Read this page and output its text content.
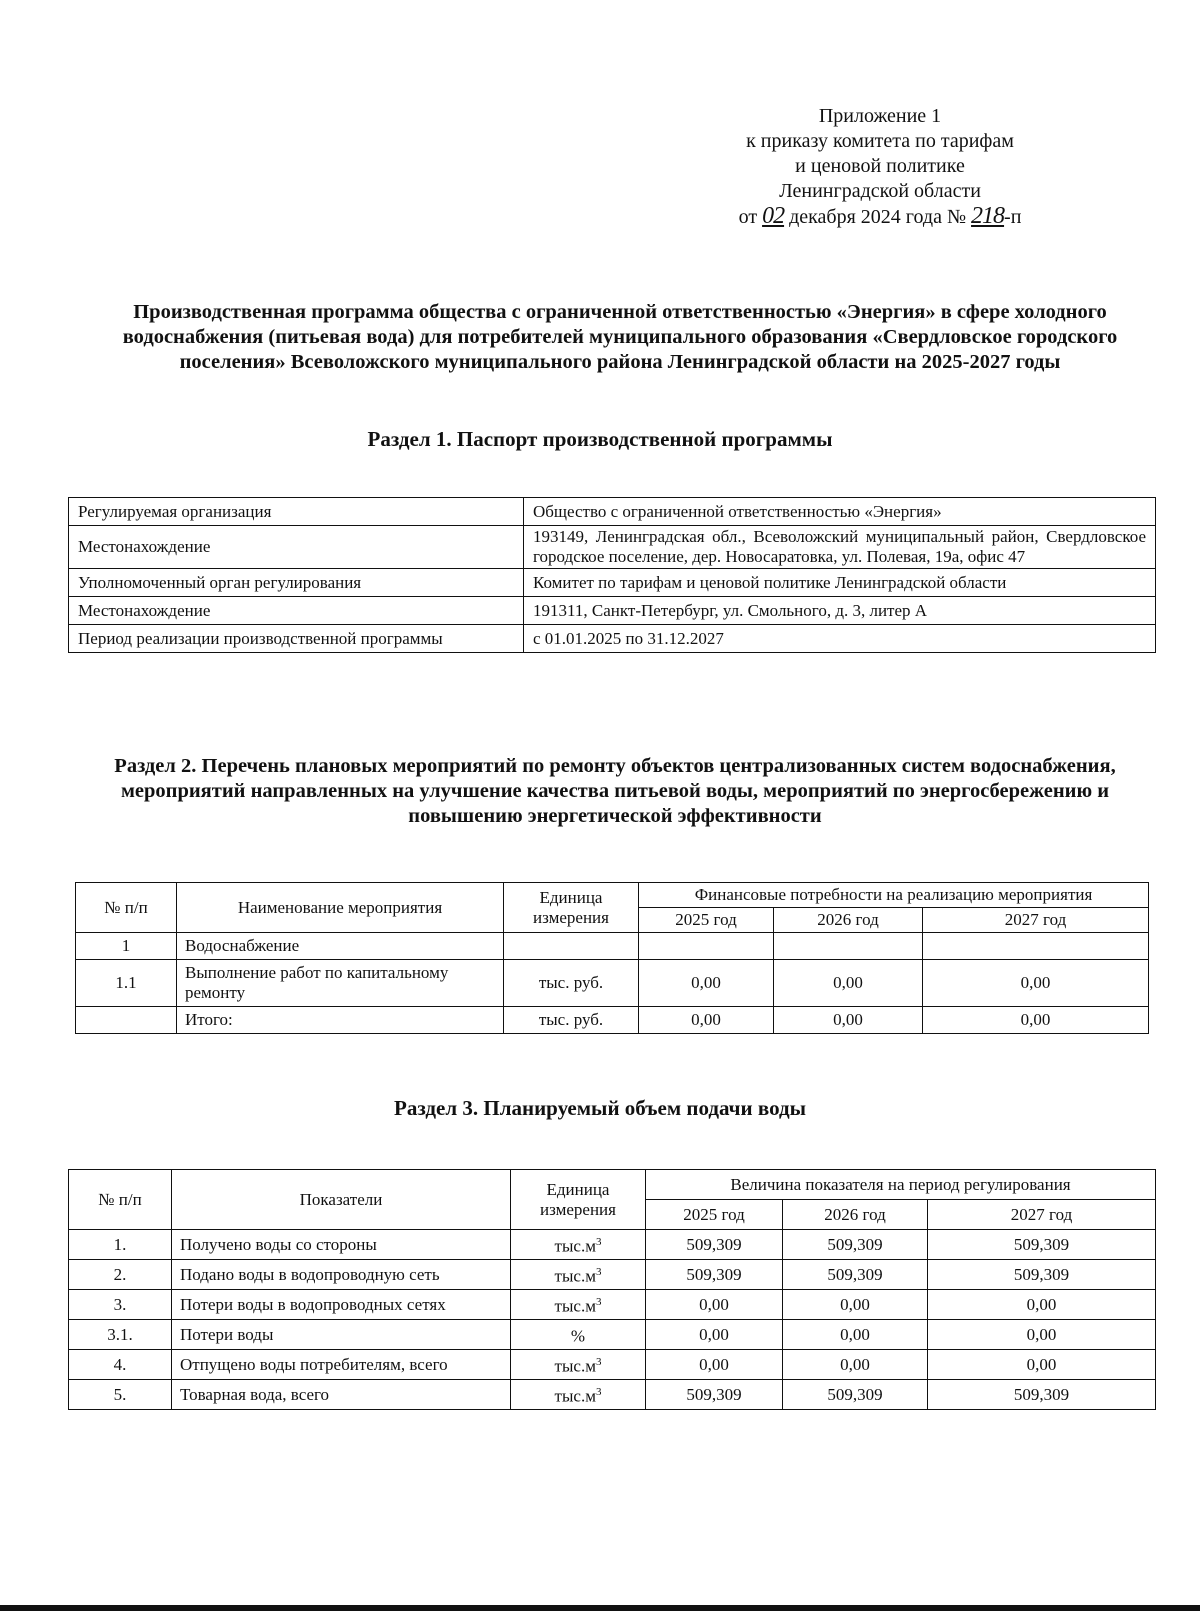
Приложение 1
к приказу комитета по тарифам
и ценовой политике
Ленинградской области
от 02 декабря 2024 года № 218-п
Производственная программа общества с ограниченной ответственностью «Энергия» в сфере холодного водоснабжения (питьевая вода) для потребителей муниципального образования «Свердловское городского поселения» Всеволожского муниципального района Ленинградской области на 2025-2027 годы
Раздел 1. Паспорт производственной программы
Регулируемая организация	Общество с ограниченной ответственностью «Энергия»
Местонахождение	193149, Ленинградская обл., Всеволожский муниципальный район, Свердловское городское поселение, дер. Новосаратовка, ул. Полевая, 19а, офис 47
Уполномоченный орган регулирования	Комитет по тарифам и ценовой политике Ленинградской области
Местонахождение	191311, Санкт-Петербург, ул. Смольного, д. 3, литер А
Период реализации производственной программы	с 01.01.2025 по 31.12.2027
Раздел 2. Перечень плановых мероприятий по ремонту объектов централизованных систем водоснабжения, мероприятий направленных на улучшение качества питьевой воды, мероприятий по энергосбережению и повышению энергетической эффективности
№ п/п	Наименование мероприятия	Единица измерения	Финансовые потребности на реализацию мероприятия		
			2025 год	2026 год	2027 год
1	Водоснабжение				
1.1	Выполнение работ по капитальному ремонту	тыс. руб.	0,00	0,00	0,00
	Итого:	тыс. руб.	0,00	0,00	0,00
Раздел 3. Планируемый объем подачи воды
№ п/п	Показатели	Единица измерения	Величина показателя на период регулирования		
			2025 год	2026 год	2027 год
1.	Получено воды со стороны	$тыс.м^3$	509,309	509,309	509,309
2.	Подано воды в водопроводную сеть	$тыс.м^3$	509,309	509,309	509,309
3.	Потери воды в водопроводных сетях	$тыс.м^3$	0,00	0,00	0,00
3.1.	Потери воды	%	0,00	0,00	0,00
4.	Отпущено воды потребителям, всего	$тыс.м^3$	0,00	0,00	0,00
5.	Товарная вода, всего	$тыс.м^3$	509,309	509,309	509,309
